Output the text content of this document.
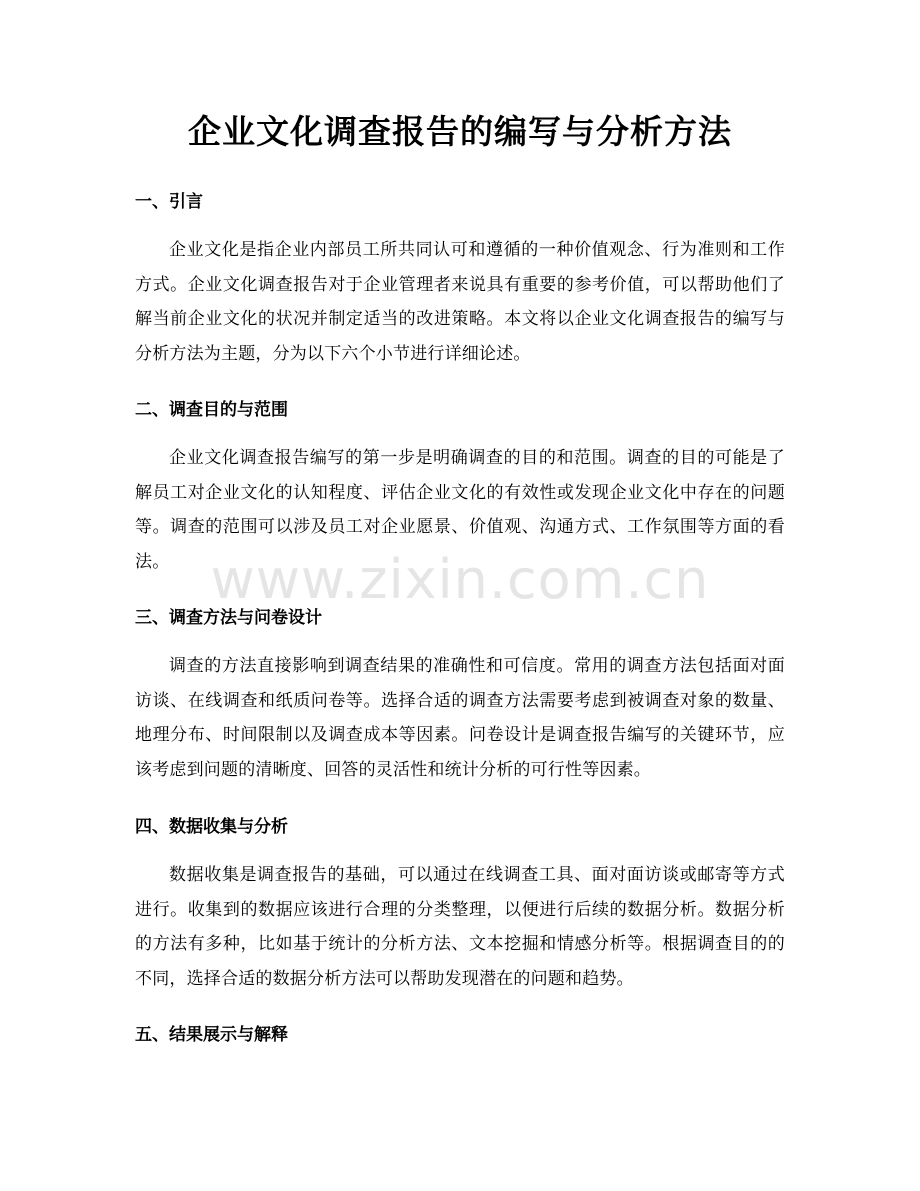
企业文化调查报告的编写与分析方法
一、引言

企业文化是指企业内部员工所共同认可和遵循的一种价值观念、行为准则和工作方式。企业文化调查报告对于企业管理者来说具有重要的参考价值，可以帮助他们了解当前企业文化的状况并制定适当的改进策略。本文将以企业文化调查报告的编写与分析方法为主题，分为以下六个小节进行详细论述。

二、调查目的与范围

企业文化调查报告编写的第一步是明确调查的目的和范围。调查的目的可能是了解员工对企业文化的认知程度、评估企业文化的有效性或发现企业文化中存在的问题等。调查的范围可以涉及员工对企业愿景、价值观、沟通方式、工作氛围等方面的看法。

三、调查方法与问卷设计

调查的方法直接影响到调查结果的准确性和可信度。常用的调查方法包括面对面访谈、在线调查和纸质问卷等。选择合适的调查方法需要考虑到被调查对象的数量、地理分布、时间限制以及调查成本等因素。问卷设计是调查报告编写的关键环节，应该考虑到问题的清晰度、回答的灵活性和统计分析的可行性等因素。

四、数据收集与分析

数据收集是调查报告的基础，可以通过在线调查工具、面对面访谈或邮寄等方式进行。收集到的数据应该进行合理的分类整理，以便进行后续的数据分析。数据分析的方法有多种，比如基于统计的分析方法、文本挖掘和情感分析等。根据调查目的的不同，选择合适的数据分析方法可以帮助发现潜在的问题和趋势。

五、结果展示与解释
www.zixin.com.cn
